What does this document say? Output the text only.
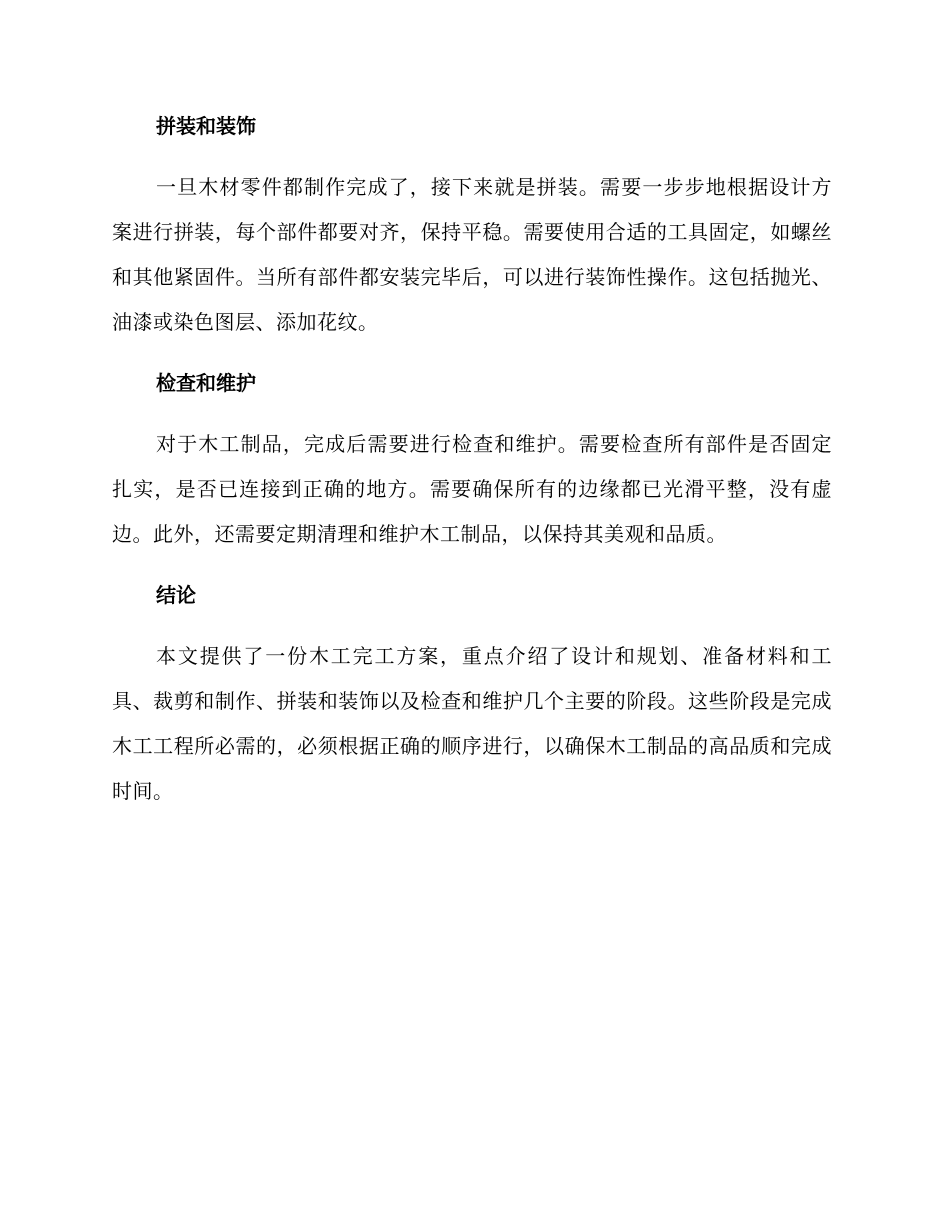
拼装和装饰

一旦木材零件都制作完成了，接下来就是拼装。需要一步步地根据设计方案进行拼装，每个部件都要对齐，保持平稳。需要使用合适的工具固定，如螺丝和其他紧固件。当所有部件都安装完毕后，可以进行装饰性操作。这包括抛光、油漆或染色图层、添加花纹。

检查和维护

对于木工制品，完成后需要进行检查和维护。需要检查所有部件是否固定扎实，是否已连接到正确的地方。需要确保所有的边缘都已光滑平整，没有虚边。此外，还需要定期清理和维护木工制品，以保持其美观和品质。

结论

本文提供了一份木工完工方案，重点介绍了设计和规划、准备材料和工具、裁剪和制作、拼装和装饰以及检查和维护几个主要的阶段。这些阶段是完成木工工程所必需的，必须根据正确的顺序进行，以确保木工制品的高品质和完成时间。
